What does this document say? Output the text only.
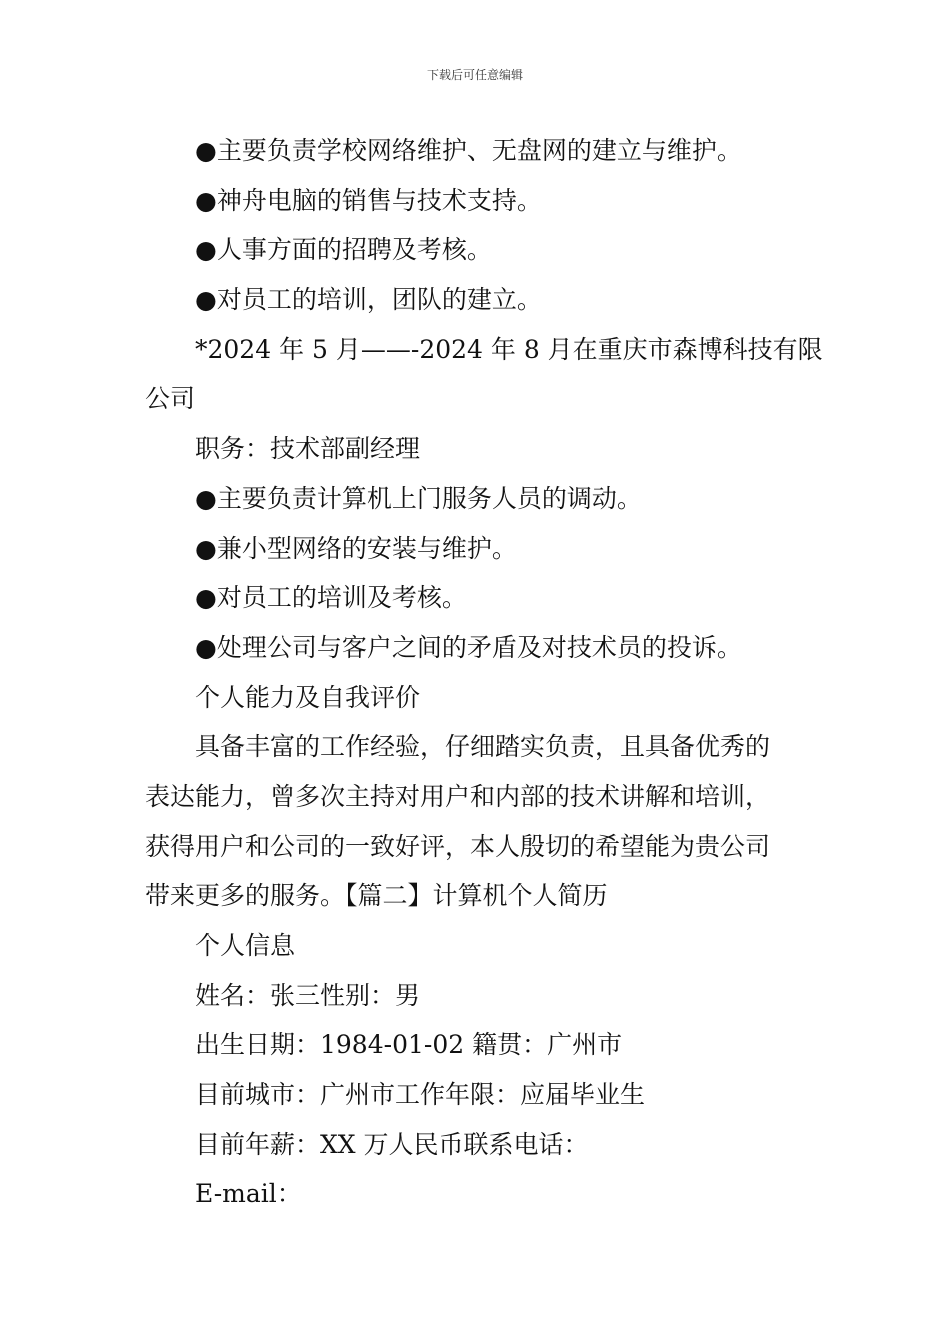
下载后可任意编辑
●主要负责学校网络维护、无盘网的建立与维护。
●神舟电脑的销售与技术支持。
●人事方面的招聘及考核。
●对员工的培训，团队的建立。
*2024 年 5 月——-2024 年 8 月在重庆市森博科技有限
公司
职务：技术部副经理
●主要负责计算机上门服务人员的调动。
●兼小型网络的安装与维护。
●对员工的培训及考核。
●处理公司与客户之间的矛盾及对技术员的投诉。
个人能力及自我评价
具备丰富的工作经验，仔细踏实负责，且具备优秀的
表达能力，曾多次主持对用户和内部的技术讲解和培训，
获得用户和公司的一致好评，本人殷切的希望能为贵公司
带来更多的服务。【篇二】计算机个人简历
个人信息
姓名：张三性别：男
出生日期：1984-01-02 籍贯：广州市
目前城市：广州市工作年限：应届毕业生
目前年薪：XX 万人民币联系电话：
E-mail：
